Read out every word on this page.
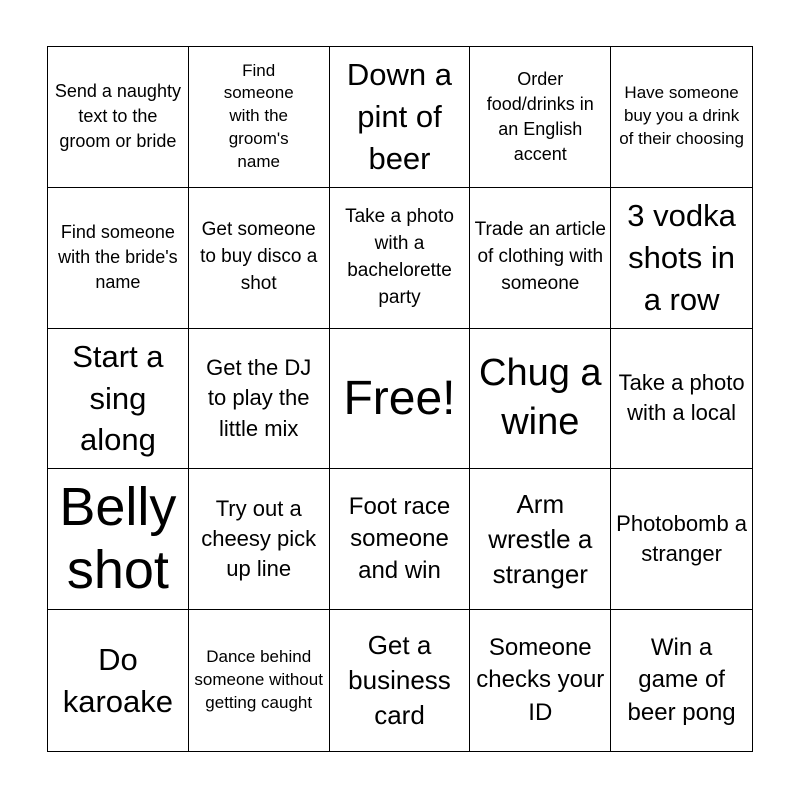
Send a naughty text to the groom or bride
Find someone with the groom's name
Down a pint of beer
Order food/drinks in an English accent
Have someone buy you a drink of their choosing
Find someone with the bride's name
Get someone to buy disco a shot
Take a photo with a bachelorette party
Trade an article of clothing with someone
3 vodka shots in a row
Start a sing along
Get the DJ to play the little mix
Free! Chug a wine
Take a photo with a local
Belly shot
Try out a cheesy pick up line
Foot race someone and win
Arm wrestle a stranger
Photobomb a stranger
Do karoake
Dance behind someone without getting caught
Get a business card
Someone checks your ID
Win a game of beer pong
